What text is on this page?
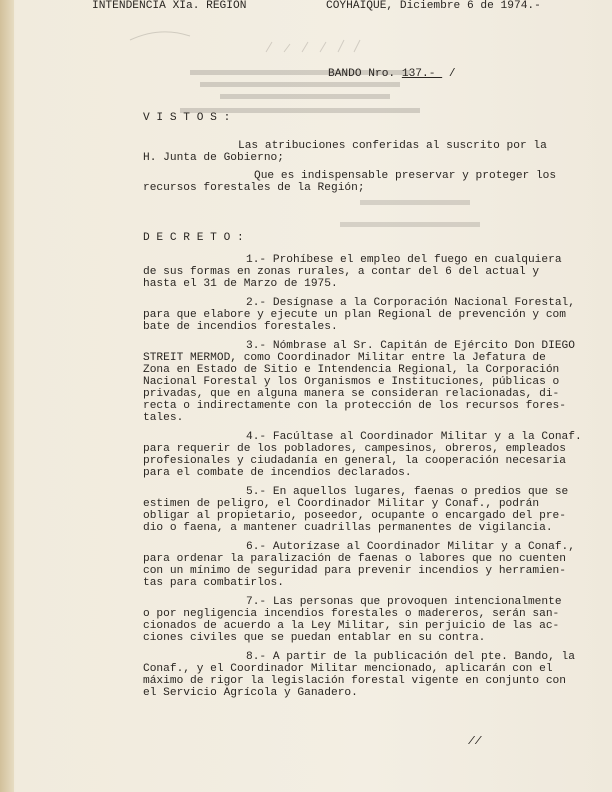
INTENDENCIA XIa. REGION	COYHAIQUE, Diciembre 6 de 1974.-
BANDO Nro. 137.-  /
V I S T O S :
Las atribuciones conferidas al suscrito por la
H. Junta de Gobierno;
Que es indispensable preservar y proteger los
recursos forestales de la Región;
D E C R E T O :
1.- Prohíbese el empleo del fuego en cualquiera
de sus formas en zonas rurales, a contar del 6 del actual y
hasta el 31 de Marzo de 1975.
2.- Desígnase a la Corporación Nacional Forestal,
para que elabore y ejecute un plan Regional de prevención y com
bate de incendios forestales.
3.- Nómbrase al Sr. Capitán de Ejército Don DIEGO
STREIT MERMOD, como Coordinador Militar entre la Jefatura de
Zona en Estado de Sitio e Intendencia Regional, la Corporación
Nacional Forestal y los Organismos e Instituciones, públicas o
privadas, que en alguna manera se consideran relacionadas, di-
recta o indirectamente con la protección de los recursos fores-
tales.
4.- Facúltase al Coordinador Militar y a la Conaf.
para requerir de los pobladores, campesinos, obreros, empleados
profesionales y ciudadanía en general, la cooperación necesaria
para el combate de incendios declarados.
5.- En aquellos lugares, faenas o predios que se
estimen de peligro, el Coordinador Militar y Conaf., podrán
obligar al propietario, poseedor, ocupante o encargado del pre-
dio o faena, a mantener cuadrillas permanentes de vigilancia.
6.- Autorízase al Coordinador Militar y a Conaf.,
para ordenar la paralización de faenas o labores que no cuenten
con un mínimo de seguridad para prevenir incendios y herramien-
tas para combatirlos.
7.- Las personas que provoquen intencionalmente
o por negligencia incendios forestales o madereros, serán san-
cionados de acuerdo a la Ley Militar, sin perjuicio de las ac-
ciones civiles que se puedan entablar en su contra.
8.- A partir de la publicación del pte. Bando, la
Conaf., y el Coordinador Militar mencionado, aplicarán con el
máximo de rigor la legislación forestal vigente en conjunto con
el Servicio Agrícola y Ganadero.
//
